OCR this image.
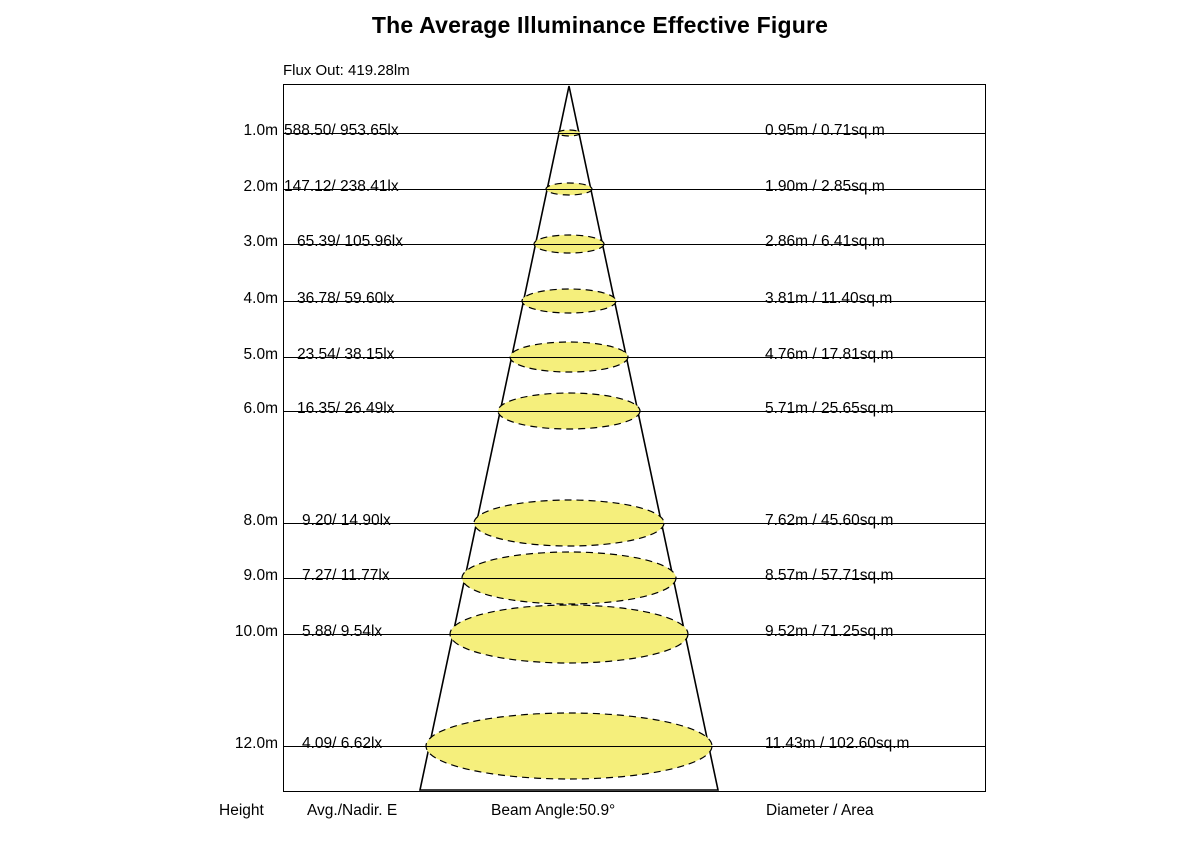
The Average Illuminance Effective Figure
Flux Out: 419.28lm
1.0m 588.50/ 953.65lx	0.95m / 0.71sq.m
2.0m 147.12/ 238.41lx	1.90m / 2.85sq.m
3.0m 65.39/ 105.96lx	2.86m / 6.41sq.m
4.0m 36.78/ 59.60lx	3.81m / 11.40sq.m
5.0m 23.54/ 38.15lx	4.76m / 17.81sq.m
6.0m 16.35/ 26.49lx	5.71m / 25.65sq.m
8.0m 9.20/ 14.90lx	7.62m / 45.60sq.m
9.0m 7.27/ 11.77lx	8.57m / 57.71sq.m
10.0m 5.88/ 9.54lx	9.52m / 71.25sq.m
12.0m 4.09/ 6.62lx	11.43m / 102.60sq.m
Height	Avg./Nadir. E	Beam Angle:50.9°	Diameter / Area
